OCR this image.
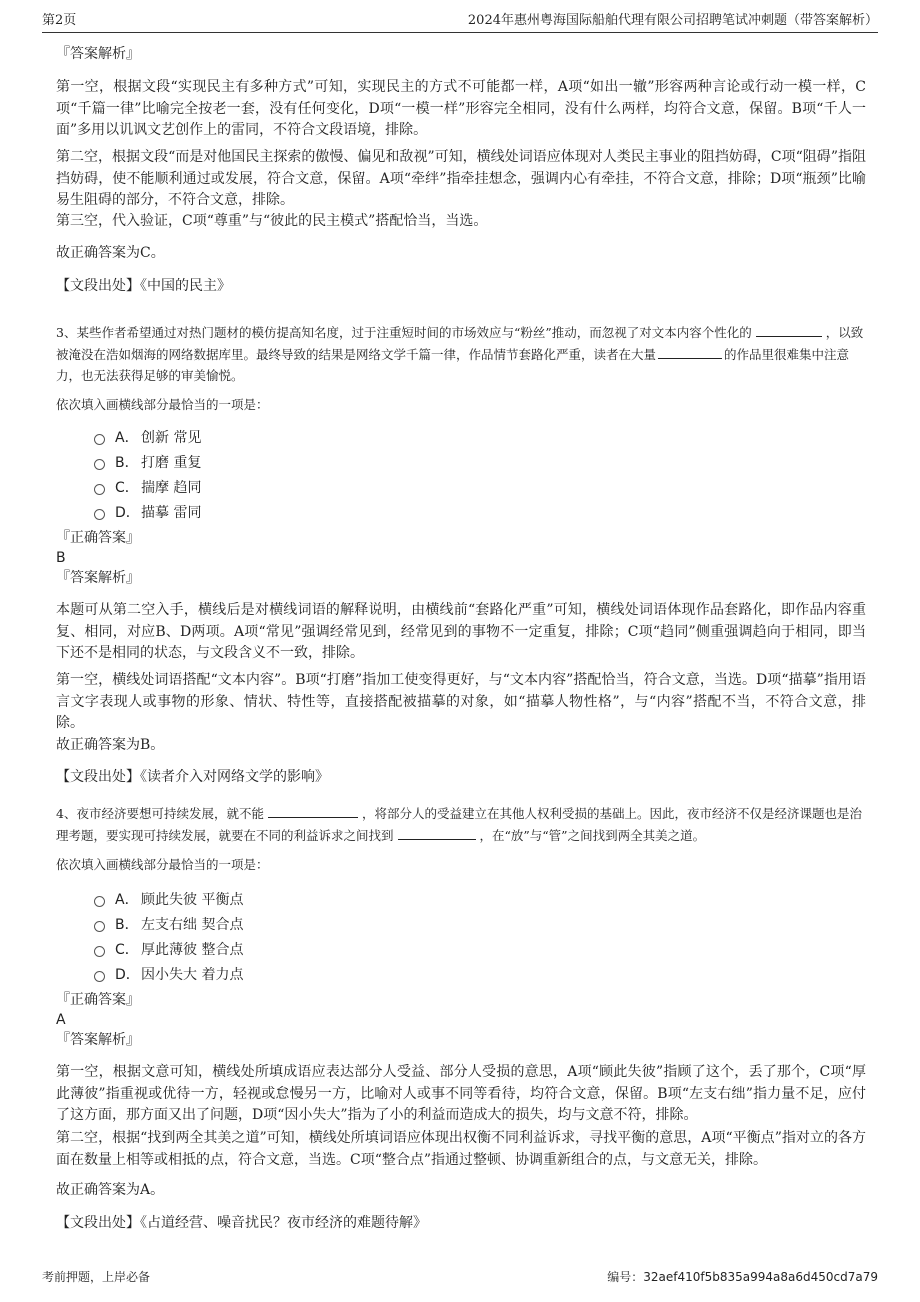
第2页	2024年惠州粤海国际船舶代理有限公司招聘笔试冲刺题（带答案解析）
『答案解析』
第一空，根据文段“实现民主有多种方式”可知，实现民主的方式不可能都一样，A项“如出一辙”形容两种言论或行动一模一样，C项“千篇一律”比喻完全按老一套，没有任何变化，D项“一模一样”形容完全相同，没有什么两样，均符合文意，保留。B项“千人一面”多用以讥讽文艺创作上的雷同，不符合文段语境，排除。
第二空，根据文段“而是对他国民主探索的傲慢、偏见和敌视”可知，横线处词语应体现对人类民主事业的阻挡妨碍，C项“阻碍”指阻挡妨碍，使不能顺利通过或发展，符合文意，保留。A项“牵绊”指牵挂想念，强调内心有牵挂，不符合文意，排除；D项“瓶颈”比喻易生阻碍的部分，不符合文意，排除。
第三空，代入验证，C项“尊重”与“彼此的民主模式”搭配恰当，当选。
故正确答案为C。
【文段出处】《中国的民主》
3、某些作者希望通过对热门题材的模仿提高知名度，过于注重短时间的市场效应与“粉丝”推动，而忽视了对文本内容个性化的	，以致被淹没在浩如烟海的网络数据库里。最终导致的结果是网络文学千篇一律，作品情节套路化严重，读者在大量	的作品里很难集中注意力，也无法获得足够的审美愉悦。
依次填入画横线部分最恰当的一项是：
A． 创新 常见
B． 打磨 重复
C． 揣摩 趋同
D． 描摹 雷同
『正确答案』
B
『答案解析』
本题可从第二空入手，横线后是对横线词语的解释说明，由横线前“套路化严重”可知，横线处词语体现作品套路化，即作品内容重复、相同，对应B、D两项。A项“常见”强调经常见到，经常见到的事物不一定重复，排除；C项“趋同”侧重强调趋向于相同，即当下还不是相同的状态，与文段含义不一致，排除。
第一空，横线处词语搭配“文本内容”。B项“打磨”指加工使变得更好，与“文本内容”搭配恰当，符合文意，当选。D项“描摹”指用语言文字表现人或事物的形象、情状、特性等，直接搭配被描摹的对象，如“描摹人物性格”，与“内容”搭配不当，不符合文意，排除。
故正确答案为B。
【文段出处】《读者介入对网络文学的影响》
4、夜市经济要想可持续发展，就不能	，将部分人的受益建立在其他人权利受损的基础上。因此，夜市经济不仅是经济课题也是治理考题，要实现可持续发展，就要在不同的利益诉求之间找到	，在“放”与“管”之间找到两全其美之道。
依次填入画横线部分最恰当的一项是：
A． 顾此失彼 平衡点
B． 左支右绌 契合点
C． 厚此薄彼 整合点
D． 因小失大 着力点
『正确答案』
A
『答案解析』
第一空，根据文意可知，横线处所填成语应表达部分人受益、部分人受损的意思，A项“顾此失彼”指顾了这个，丢了那个，C项“厚此薄彼”指重视或优待一方，轻视或怠慢另一方，比喻对人或事不同等看待，均符合文意，保留。B项“左支右绌”指力量不足，应付了这方面，那方面又出了问题，D项“因小失大”指为了小的利益而造成大的损失，均与文意不符，排除。
第二空，根据“找到两全其美之道”可知，横线处所填词语应体现出权衡不同利益诉求，寻找平衡的意思，A项“平衡点”指对立的各方面在数量上相等或相抵的点，符合文意，当选。C项“整合点”指通过整顿、协调重新组合的点，与文意无关，排除。
故正确答案为A。
【文段出处】《占道经营、噪音扰民？夜市经济的难题待解》
考前押题，上岸必备	编号：32aef410f5b835a994a8a6d450cd7a79
